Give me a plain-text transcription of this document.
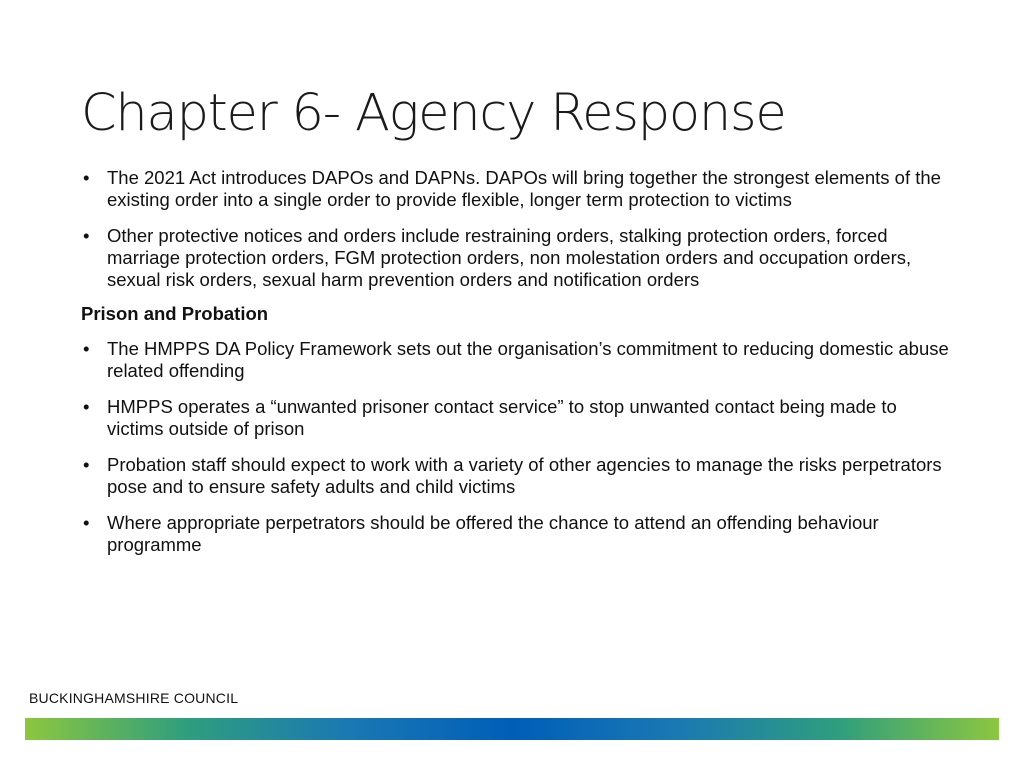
Chapter 6- Agency Response
• The 2021 Act introduces DAPOs and DAPNs. DAPOs will bring together the strongest elements of the existing order into a single order to provide flexible, longer term protection to victims
• Other protective notices and orders include restraining orders, stalking protection orders, forced marriage protection orders, FGM protection orders, non molestation orders and occupation orders, sexual risk orders, sexual harm prevention orders and notification orders
Prison and Probation
• The HMPPS DA Policy Framework sets out the organisation’s commitment to reducing domestic abuse related offending
• HMPPS operates a “unwanted prisoner contact service” to stop unwanted contact being made to victims outside of prison
• Probation staff should expect to work with a variety of other agencies to manage the risks perpetrators pose and to ensure safety adults and child victims
• Where appropriate perpetrators should be offered the chance to attend an offending behaviour programme
BUCKINGHAMSHIRE COUNCIL
